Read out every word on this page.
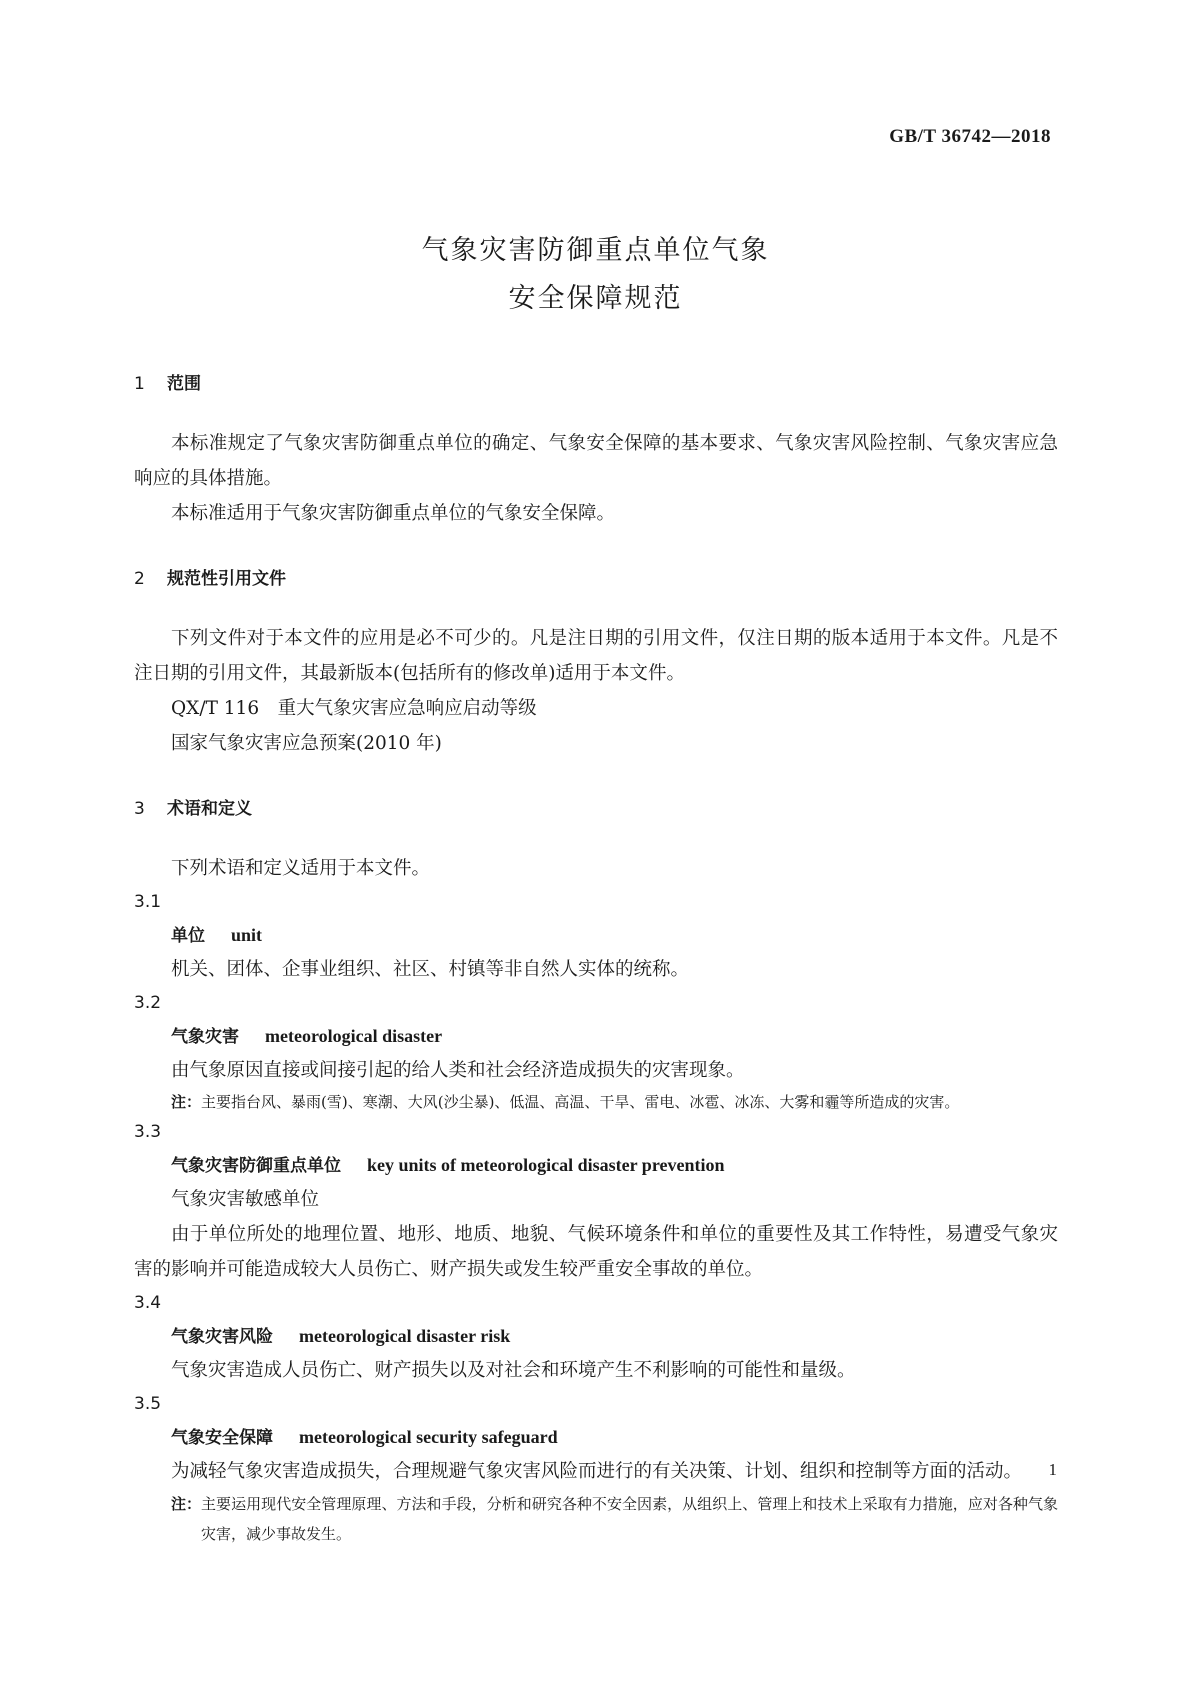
GB/T 36742—2018
气象灾害防御重点单位气象
安全保障规范
1 范围
本标准规定了气象灾害防御重点单位的确定、气象安全保障的基本要求、气象灾害风险控制、气象灾害应急响应的具体措施。
本标准适用于气象灾害防御重点单位的气象安全保障。
2 规范性引用文件
下列文件对于本文件的应用是必不可少的。凡是注日期的引用文件，仅注日期的版本适用于本文件。凡是不注日期的引用文件，其最新版本(包括所有的修改单)适用于本文件。
QX/T 116　重大气象灾害应急响应启动等级
国家气象灾害应急预案(2010 年)
3 术语和定义
下列术语和定义适用于本文件。
3.1
单位 unit
机关、团体、企事业组织、社区、村镇等非自然人实体的统称。
3.2
气象灾害 meteorological disaster
由气象原因直接或间接引起的给人类和社会经济造成损失的灾害现象。
注：主要指台风、暴雨(雪)、寒潮、大风(沙尘暴)、低温、高温、干旱、雷电、冰雹、冰冻、大雾和霾等所造成的灾害。
3.3
气象灾害防御重点单位 key units of meteorological disaster prevention
气象灾害敏感单位
由于单位所处的地理位置、地形、地质、地貌、气候环境条件和单位的重要性及其工作特性，易遭受气象灾害的影响并可能造成较大人员伤亡、财产损失或发生较严重安全事故的单位。
3.4
气象灾害风险 meteorological disaster risk
气象灾害造成人员伤亡、财产损失以及对社会和环境产生不利影响的可能性和量级。
3.5
气象安全保障 meteorological security safeguard
为减轻气象灾害造成损失，合理规避气象灾害风险而进行的有关决策、计划、组织和控制等方面的活动。
注： 主要运用现代安全管理原理、方法和手段，分析和研究各种不安全因素，从组织上、管理上和技术上采取有力措施，应对各种气象灾害，减少事故发生。
1
